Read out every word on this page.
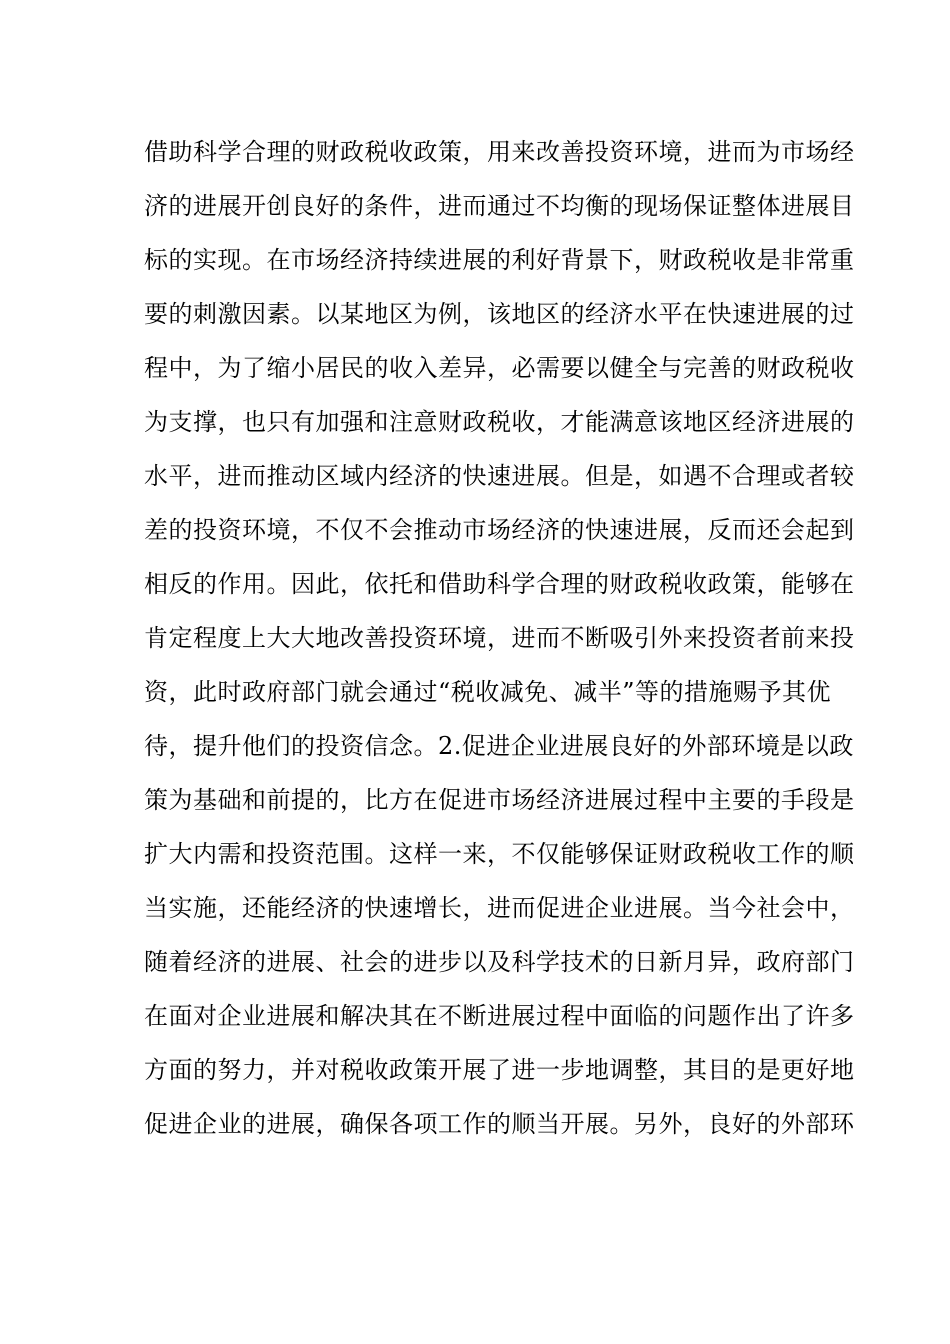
借助科学合理的财政税收政策，用来改善投资环境，进而为市场经
济的进展开创良好的条件，进而通过不均衡的现场保证整体进展目
标的实现。在市场经济持续进展的利好背景下，财政税收是非常重
要的刺激因素。以某地区为例，该地区的经济水平在快速进展的过
程中，为了缩小居民的收入差异，必需要以健全与完善的财政税收
为支撑，也只有加强和注意财政税收，才能满意该地区经济进展的
水平，进而推动区域内经济的快速进展。但是，如遇不合理或者较
差的投资环境，不仅不会推动市场经济的快速进展，反而还会起到
相反的作用。因此，依托和借助科学合理的财政税收政策，能够在
肯定程度上大大地改善投资环境，进而不断吸引外来投资者前来投
资，此时政府部门就会通过“税收减免、减半”等的措施赐予其优
待，提升他们的投资信念。2.促进企业进展良好的外部环境是以政
策为基础和前提的，比方在促进市场经济进展过程中主要的手段是
扩大内需和投资范围。这样一来，不仅能够保证财政税收工作的顺
当实施，还能经济的快速增长，进而促进企业进展。当今社会中，
随着经济的进展、社会的进步以及科学技术的日新月异，政府部门
在面对企业进展和解决其在不断进展过程中面临的问题作出了许多
方面的努力，并对税收政策开展了进一步地调整，其目的是更好地
促进企业的进展，确保各项工作的顺当开展。另外，良好的外部环
